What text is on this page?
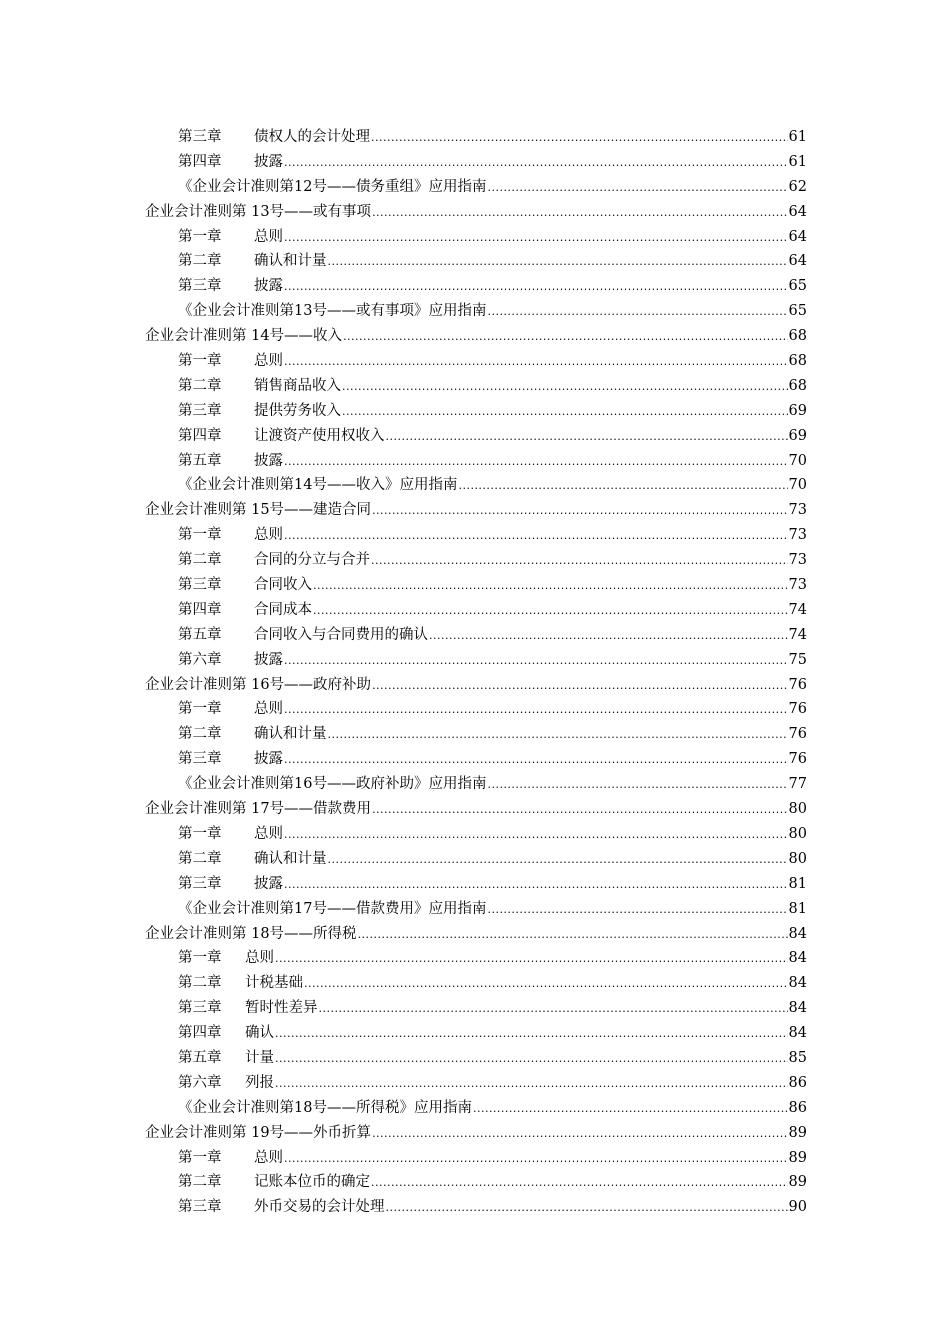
第三章	债权人的会计处理 .....	61
第四章	披露 .....	61
《企业会计准则第12号——债务重组》应用指南 .....	62
企业会计准则第 13号——或有事项 .....	64
第一章	总则 .....	64
第二章	确认和计量 .....	64
第三章	披露 .....	65
《企业会计准则第13号——或有事项》应用指南 .....	65
企业会计准则第 14号——收入 .....	68
第一章	总则 .....	68
第二章	销售商品收入 .....	68
第三章	提供劳务收入 .....	69
第四章	让渡资产使用权收入 .....	69
第五章	披露 .....	70
《企业会计准则第14号——收入》应用指南 .....	70
企业会计准则第 15号——建造合同 .....	73
第一章	总则 .....	73
第二章	合同的分立与合并 .....	73
第三章	合同收入 .....	73
第四章	合同成本 .....	74
第五章	合同收入与合同费用的确认 .....	74
第六章	披露 .....	75
企业会计准则第 16号——政府补助 .....	76
第一章	总则 .....	76
第二章	确认和计量 .....	76
第三章	披露 .....	76
《企业会计准则第16号——政府补助》应用指南 .....	77
企业会计准则第 17号——借款费用 .....	80
第一章	总则 .....	80
第二章	确认和计量 .....	80
第三章	披露 .....	81
《企业会计准则第17号——借款费用》应用指南 .....	81
企业会计准则第 18号——所得税 .....	84
第一章	总则 .....	84
第二章	计税基础 .....	84
第三章	暂时性差异 .....	84
第四章	确认 .....	84
第五章	计量 .....	85
第六章	列报 .....	86
《企业会计准则第18号——所得税》应用指南 .....	86
企业会计准则第 19号——外币折算 .....	89
第一章	总则 .....	89
第二章	记账本位币的确定 .....	89
第三章	外币交易的会计处理 .....	90
